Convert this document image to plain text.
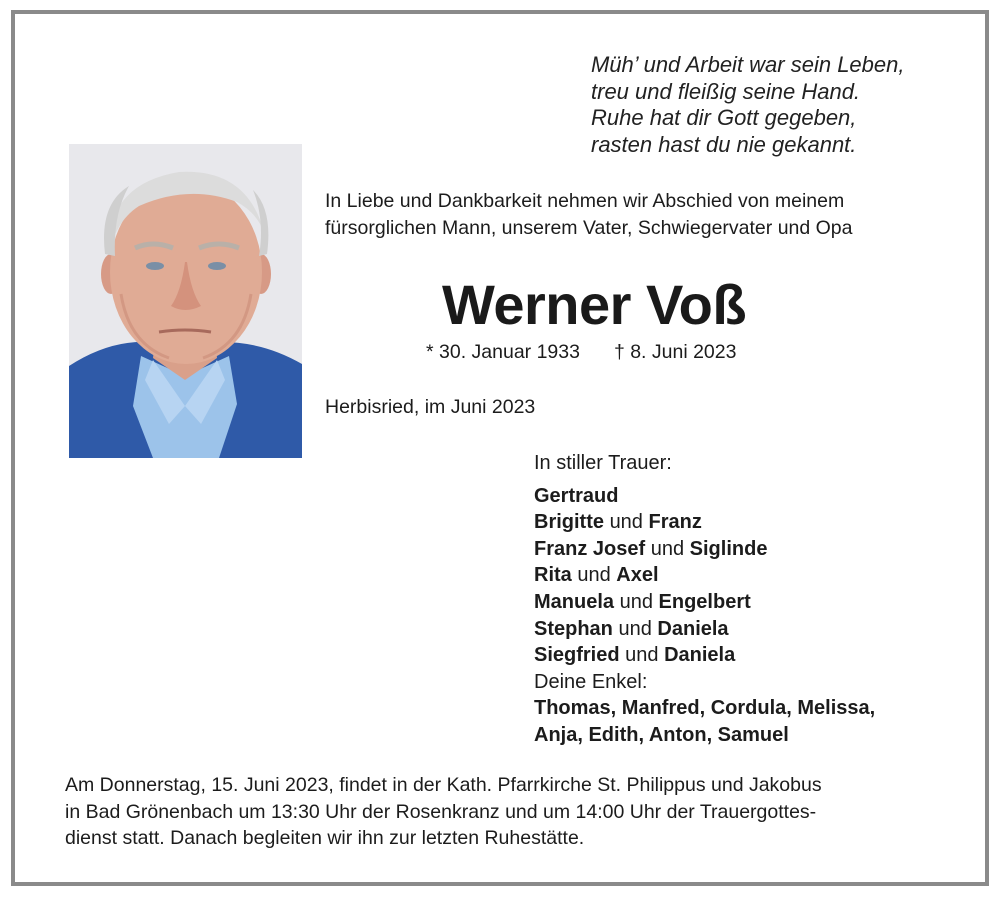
Müh’ und Arbeit war sein Leben,
treu und fleißig seine Hand.
Ruhe hat dir Gott gegeben,
rasten hast du nie gekannt.
In Liebe und Dankbarkeit nehmen wir Abschied von meinem
fürsorglichen Mann, unserem Vater, Schwiegervater und Opa
Werner Voß
* 30. Januar 1933 † 8. Juni 2023
Herbisried, im Juni 2023
In stiller Trauer:
Gertraud
Brigitte und Franz
Franz Josef und Siglinde
Rita und Axel
Manuela und Engelbert
Stephan und Daniela
Siegfried und Daniela
Deine Enkel:
Thomas, Manfred, Cordula, Melissa,
Anja, Edith, Anton, Samuel
Am Donnerstag, 15. Juni 2023, findet in der Kath. Pfarrkirche St. Philippus und Jakobus
in Bad Grönenbach um 13:30 Uhr der Rosenkranz und um 14:00 Uhr der Trauergottes-
dienst statt. Danach begleiten wir ihn zur letzten Ruhestätte.
